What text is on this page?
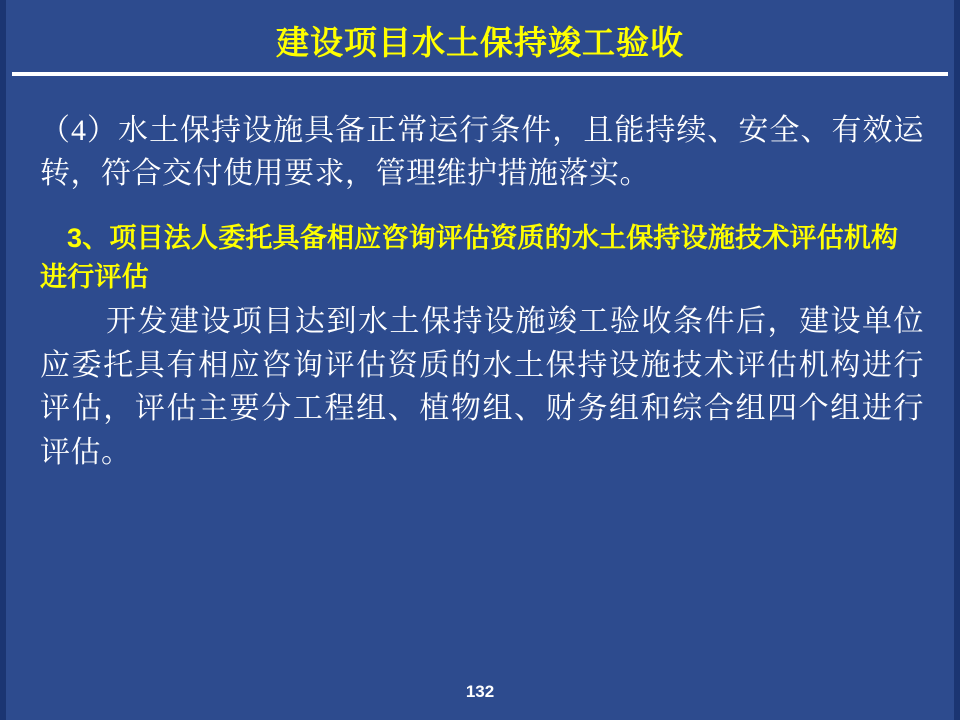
建设项目水土保持竣工验收

（4）水土保持设施具备正常运行条件，且能持续、安全、有效运转，符合交付使用要求，管理维护措施落实。

3、项目法人委托具备相应咨询评估资质的水土保持设施技术评估机构进行评估

开发建设项目达到水土保持设施竣工验收条件后，建设单位应委托具有相应咨询评估资质的水土保持设施技术评估机构进行评估，评估主要分工程组、植物组、财务组和综合组四个组进行评估。

132
